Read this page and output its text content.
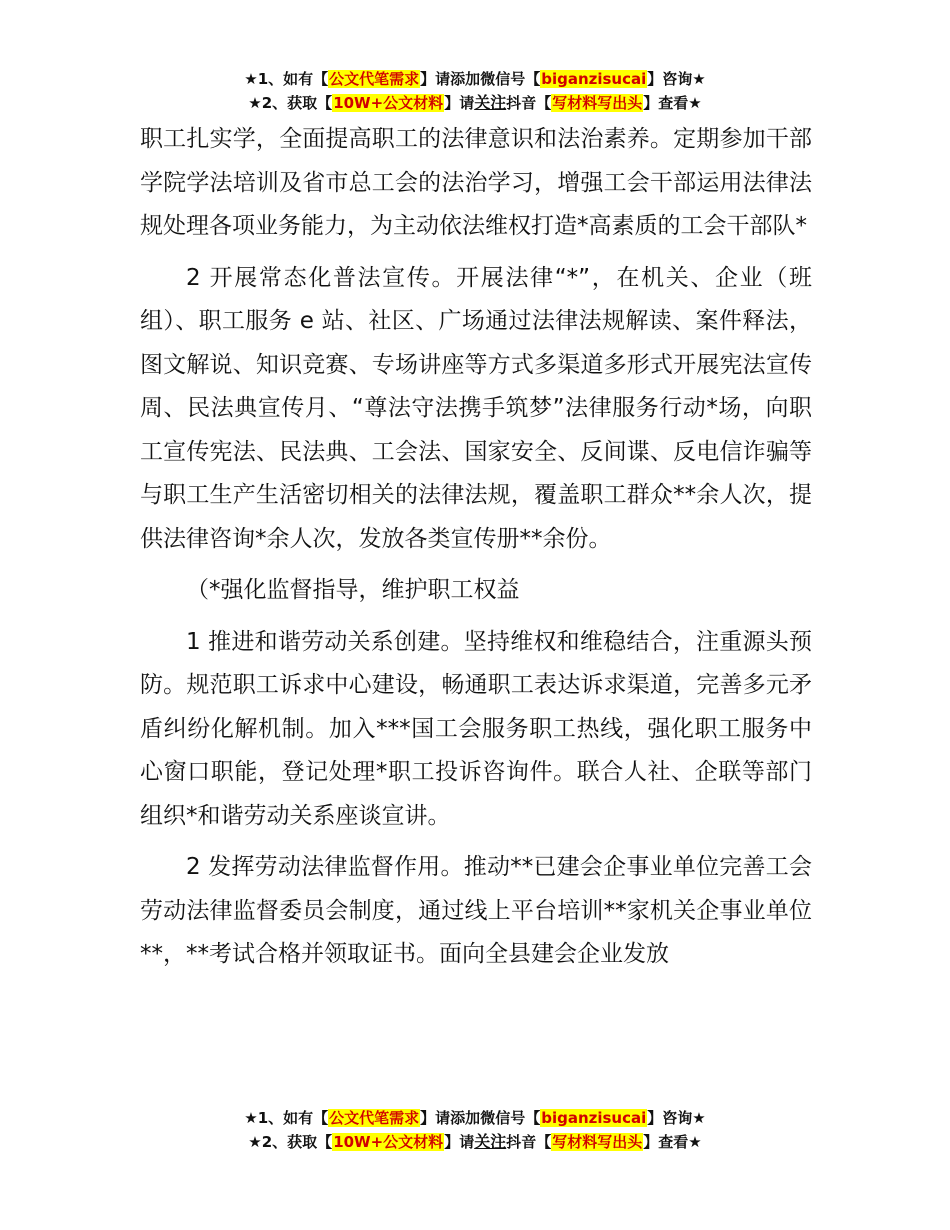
★1、如有【公文代笔需求】请添加微信号【biganzisucai】咨询★
★2、获取【10W+公文材料】请关注抖音【写材料写出头】查看★

职工扎实学，全面提高职工的法律意识和法治素养。定期参加干部学院学法培训及省市总工会的法治学习，增强工会干部运用法律法规处理各项业务能力，为主动依法维权打造*高素质的工会干部队*

2 开展常态化普法宣传。开展法律“*”，在机关、企业（班组）、职工服务 e 站、社区、广场通过法律法规解读、案件释法，图文解说、知识竞赛、专场讲座等方式多渠道多形式开展宪法宣传周、民法典宣传月、“尊法守法携手筑梦”法律服务行动*场，向职工宣传宪法、民法典、工会法、国家安全、反间谍、反电信诈骗等与职工生产生活密切相关的法律法规，覆盖职工群众**余人次，提供法律咨询*余人次，发放各类宣传册**余份。

（*强化监督指导，维护职工权益

1 推进和谐劳动关系创建。坚持维权和维稳结合，注重源头预防。规范职工诉求中心建设，畅通职工表达诉求渠道，完善多元矛盾纠纷化解机制。加入***国工会服务职工热线，强化职工服务中心窗口职能，登记处理*职工投诉咨询件。联合人社、企联等部门组织*和谐劳动关系座谈宣讲。

2 发挥劳动法律监督作用。推动**已建会企事业单位完善工会劳动法律监督委员会制度，通过线上平台培训**家机关企事业单位**，**考试合格并领取证书。面向全县建会企业发放

★1、如有【公文代笔需求】请添加微信号【biganzisucai】咨询★
★2、获取【10W+公文材料】请关注抖音【写材料写出头】查看★
